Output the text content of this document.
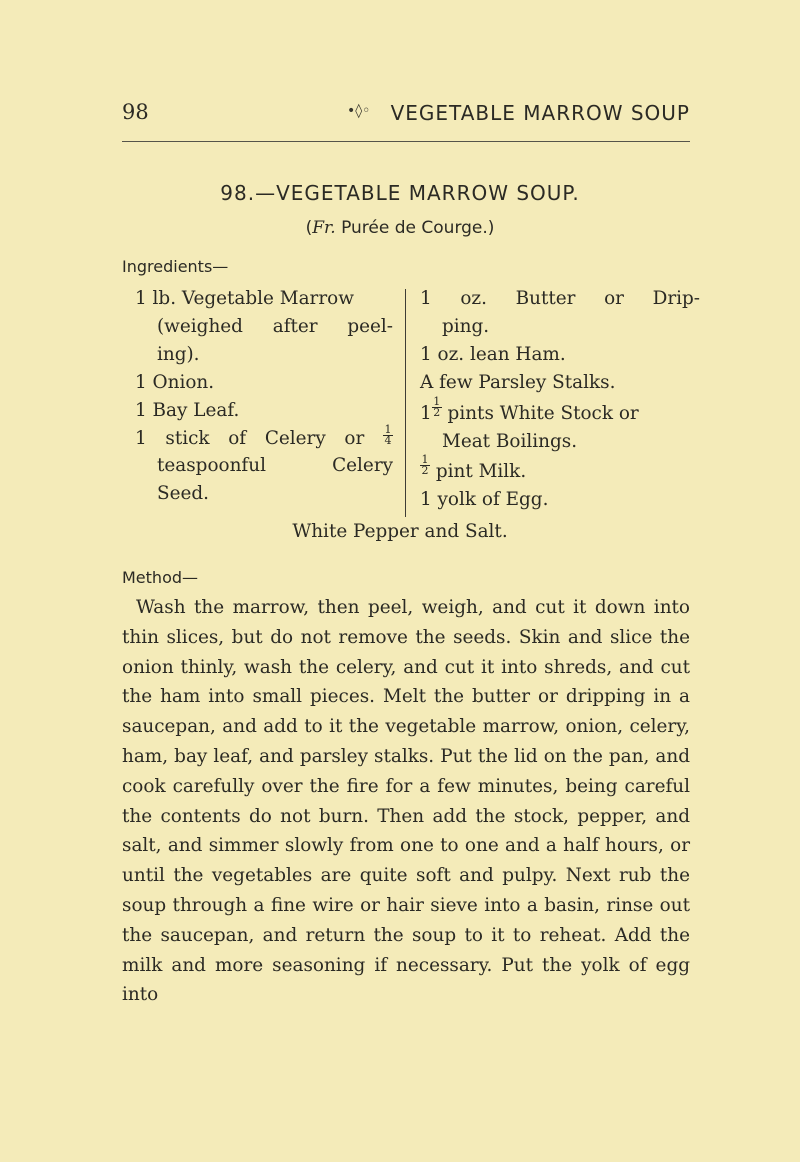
98	•◊◦ VEGETABLE MARROW SOUP
98.—VEGETABLE MARROW SOUP.
(Fr. Purée de Courge.)
Ingredients—
1 lb. Vegetable Marrow
(weighed after peel-
ing).
1 Onion.
1 Bay Leaf.
1 stick of Celery or $\frac{1}{4}$
teaspoonful	Celery
Seed.
1 oz. Butter or Drip-
ping.
1 oz. lean Ham.
A few Parsley Stalks.
$1 \frac{1}{2}$ pints White Stock or
Meat Boilings.
$\frac{1}{2}$ pint Milk.
1 yolk of Egg.
White Pepper and Salt.
Method—

Wash the marrow, then peel, weigh, and cut it down into thin slices, but do not remove the seeds. Skin and slice the onion thinly, wash the celery, and cut it into shreds, and cut the ham into small pieces. Melt the butter or dripping in a saucepan, and add to it the vegetable marrow, onion, celery, ham, bay leaf, and parsley stalks. Put the lid on the pan, and cook carefully over the fire for a few minutes, being careful the contents do not burn. Then add the stock, pepper, and salt, and simmer slowly from one to one and a half hours, or until the vegetables are quite soft and pulpy. Next rub the soup through a fine wire or hair sieve into a basin, rinse out the saucepan, and return the soup to it to reheat. Add the milk and more seasoning if necessary. Put the yolk of egg into
